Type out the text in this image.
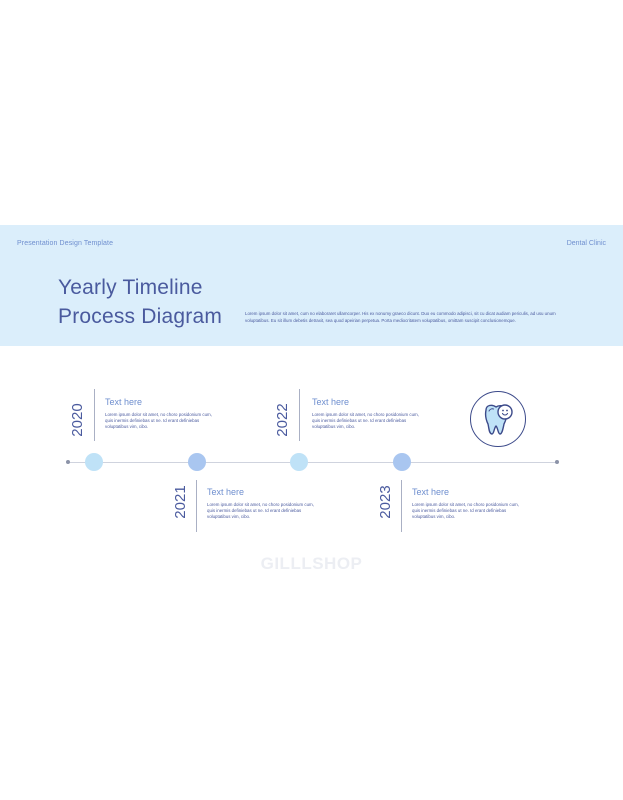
Presentation Design Template	Dental Clinic
Yearly Timeline
Process Diagram	Lorem ipsum dolor sit amet, cum no elaboraret ullamcorper. His ex nonumy graeco dicunt. Duo eu commodo adipisci, sit cu dicat audiam periculis, ad usu unum voluptatibus. Eu sit illum debetis detraxit, sea quod apeirian perpetua. Porta mediocritatem voluptatibus, omittam suscipit conclusionemque.
2020
Text here
Lorem ipsum dolor sit amet, no choro posidonium cum, quis inermis definiebas ut ne. Id erant definiebas voluptatibus vim, cibo.	2022
Text here
Lorem ipsum dolor sit amet, no choro posidonium cum, quis inermis definiebas ut ne. Id erant definiebas voluptatibus vim, cibo.
2021 Text here
Lorem ipsum dolor sit amet, no choro posidonium cum, quis inermis definiebas ut ne. Id erant definiebas voluptatibus vim, cibo.	2023 Text here
Lorem ipsum dolor sit amet, no choro posidonium cum, quis inermis definiebas ut ne. Id erant definiebas voluptatibus vim, cibo.
GILLLSHOP
